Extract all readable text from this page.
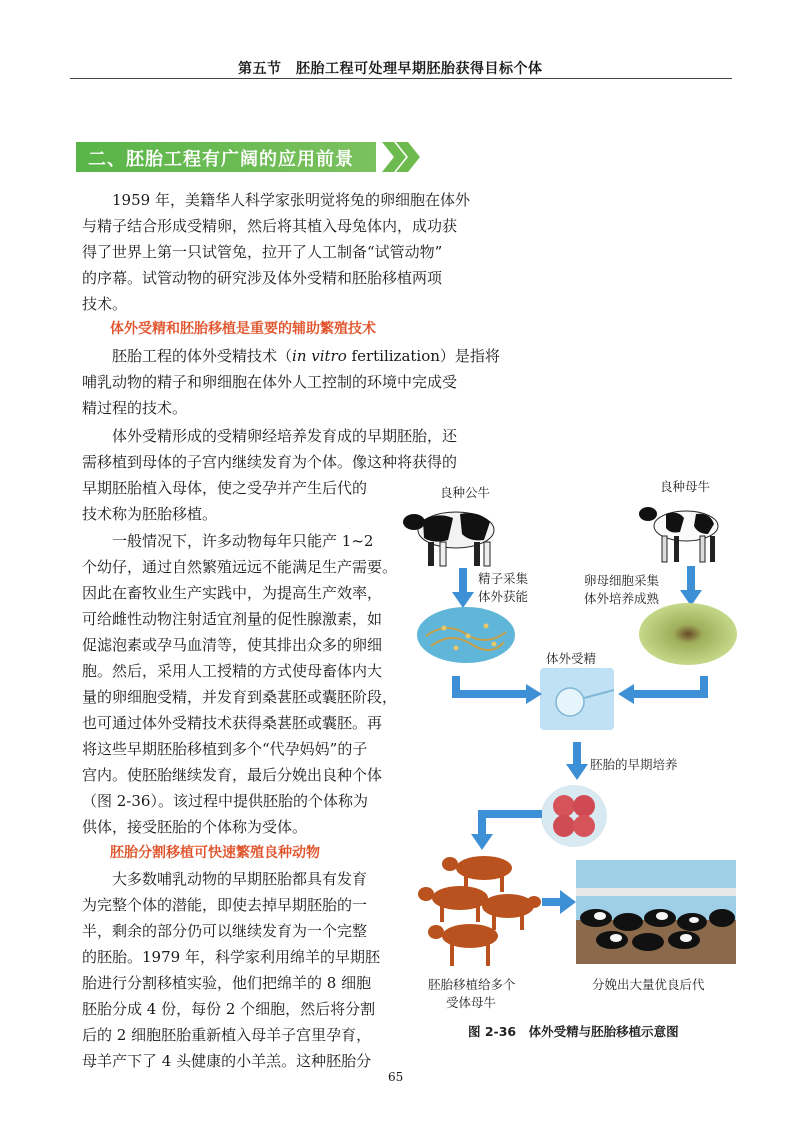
第五节　胚胎工程可处理早期胚胎获得目标个体
二、胚胎工程有广阔的应用前景
　　1959 年，美籍华人科学家张明觉将兔的卵细胞在体外
与精子结合形成受精卵，然后将其植入母兔体内，成功获
得了世界上第一只试管兔，拉开了人工制备“试管动物”
的序幕。试管动物的研究涉及体外受精和胚胎移植两项
技术。
体外受精和胚胎移植是重要的辅助繁殖技术
　　胚胎工程的体外受精技术（in vitro fertilization）是指将
哺乳动物的精子和卵细胞在体外人工控制的环境中完成受
精过程的技术。
　　体外受精形成的受精卵经培养发育成的早期胚胎，还
需移植到母体的子宫内继续发育为个体。像这种将获得的
早期胚胎植入母体，使之受孕并产生后代的
技术称为胚胎移植。
　　一般情况下，许多动物每年只能产 1~2
个幼仔，通过自然繁殖远远不能满足生产需要。
因此在畜牧业生产实践中，为提高生产效率，
可给雌性动物注射适宜剂量的促性腺激素，如
促滤泡素或孕马血清等，使其排出众多的卵细
胞。然后，采用人工授精的方式使母畜体内大
量的卵细胞受精，并发育到桑葚胚或囊胚阶段，
也可通过体外受精技术获得桑葚胚或囊胚。再
将这些早期胚胎移植到多个“代孕妈妈”的子
宫内。使胚胎继续发育，最后分娩出良种个体
（图 2-36）。该过程中提供胚胎的个体称为
供体，接受胚胎的个体称为受体。
胚胎分割移植可快速繁殖良种动物
　　大多数哺乳动物的早期胚胎都具有发育
为完整个体的潜能，即使去掉早期胚胎的一
半，剩余的部分仍可以继续发育为一个完整
的胚胎。1979 年，科学家利用绵羊的早期胚
胎进行分割移植实验，他们把绵羊的 8 细胞
胚胎分成 4 份，每份 2 个细胞，然后将分割
后的 2 细胞胚胎重新植入母羊子宫里孕育，
母羊产下了 4 头健康的小羊羔。这种胚胎分
良种公牛	良种母牛
精子采集
体外获能
卵母细胞采集
体外培养成熟
体外受精
胚胎的早期培养
胚胎移植给多个
受体母牛
分娩出大量优良后代
图 2-36　体外受精与胚胎移植示意图
65
